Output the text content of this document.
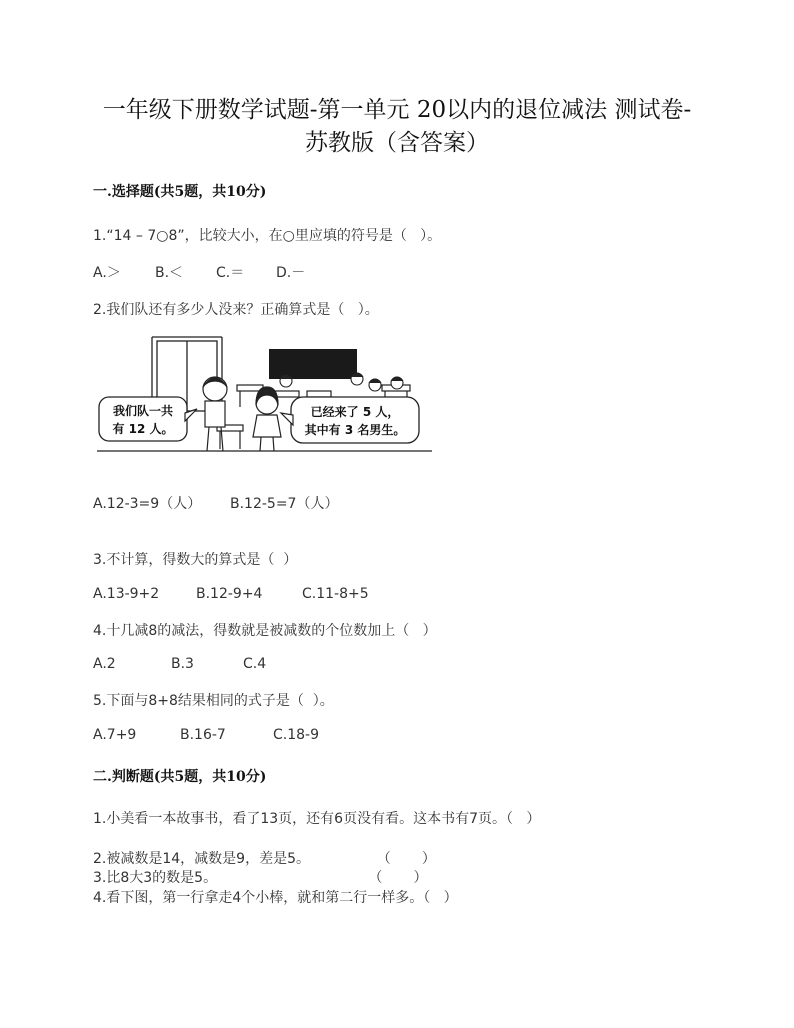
一年级下册数学试题-第一单元 20以内的退位减法 测试卷-
苏教版（含答案）
一.选择题(共5题，共10分)
1.“14 – 7○8”，比较大小，在○里应填的符号是（   ）。
A.＞ B.＜ C.＝ D.－
2.我们队还有多少人没来？正确算式是（   ）。
我们队一共
有 12 人。
已经来了 5 人，
其中有 3 名男生。
A.12-3=9（人） B.12-5=7（人）
3.不计算，得数大的算式是（  ）
A.13-9+2	B.12-9+4	C.11-8+5
4.十几减8的减法，得数就是被减数的个位数加上（   ）
A.2	B.3	C.4
5.下面与8+8结果相同的式子是（  ）。
A.7+9	B.16-7	C.18-9
二.判断题(共5题，共10分)
1.小美看一本故事书，看了13页，还有6页没有看。这本书有7页。（   ）
2.被减数是14，减数是9，差是5。               （       ）
3.比8大3的数是5。                                  （       ）
4.看下图，第一行拿走4个小棒，就和第二行一样多。（   ）
